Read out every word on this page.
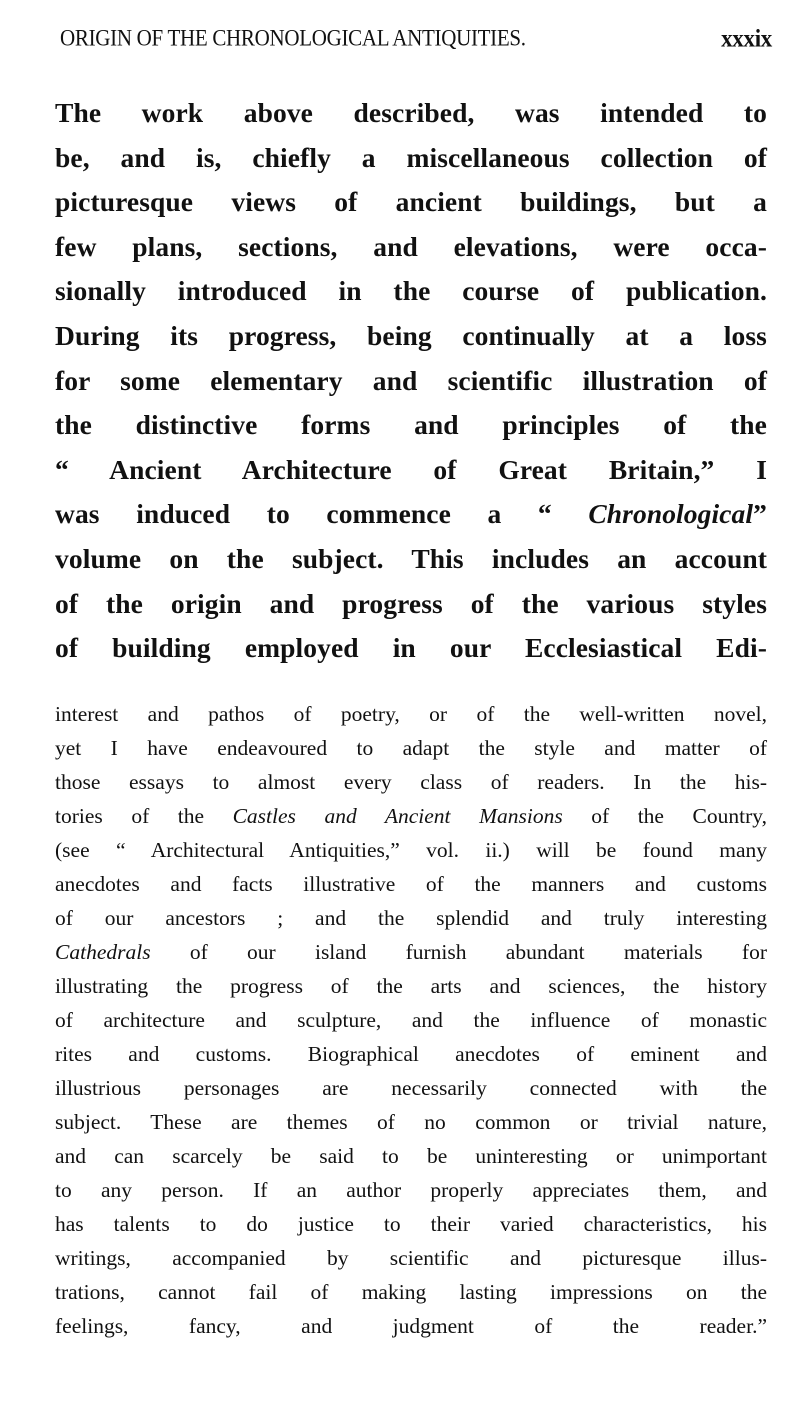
ORIGIN OF THE CHRONOLOGICAL ANTIQUITIES.	xxxix
The work above described, was intended to
be, and is, chiefly a miscellaneous collection of
picturesque views of ancient buildings, but a
few plans, sections, and elevations, were occa-
sionally introduced in the course of publication.
During its progress, being continually at a loss
for some elementary and scientific illustration of
the distinctive forms and principles of the
“ Ancient Architecture of Great Britain,” I
was induced to commence a “ Chronological”
volume on the subject. This includes an account
of the origin and progress of the various styles
of building employed in our Ecclesiastical Edi-
interest and pathos of poetry, or of the well-written novel,
yet I have endeavoured to adapt the style and matter of
those essays to almost every class of readers. In the his-
tories of the Castles and Ancient Mansions of the Country,
(see “ Architectural Antiquities,” vol. ii.) will be found many
anecdotes and facts illustrative of the manners and customs
of our ancestors ; and the splendid and truly interesting
Cathedrals of our island furnish abundant materials for
illustrating the progress of the arts and sciences, the history
of architecture and sculpture, and the influence of monastic
rites and customs. Biographical anecdotes of eminent and
illustrious personages are necessarily connected with the
subject. These are themes of no common or trivial nature,
and can scarcely be said to be uninteresting or unimportant
to any person. If an author properly appreciates them, and
has talents to do justice to their varied characteristics, his
writings, accompanied by scientific and picturesque illus-
trations, cannot fail of making lasting impressions on the
feelings, fancy, and judgment of the reader.”
